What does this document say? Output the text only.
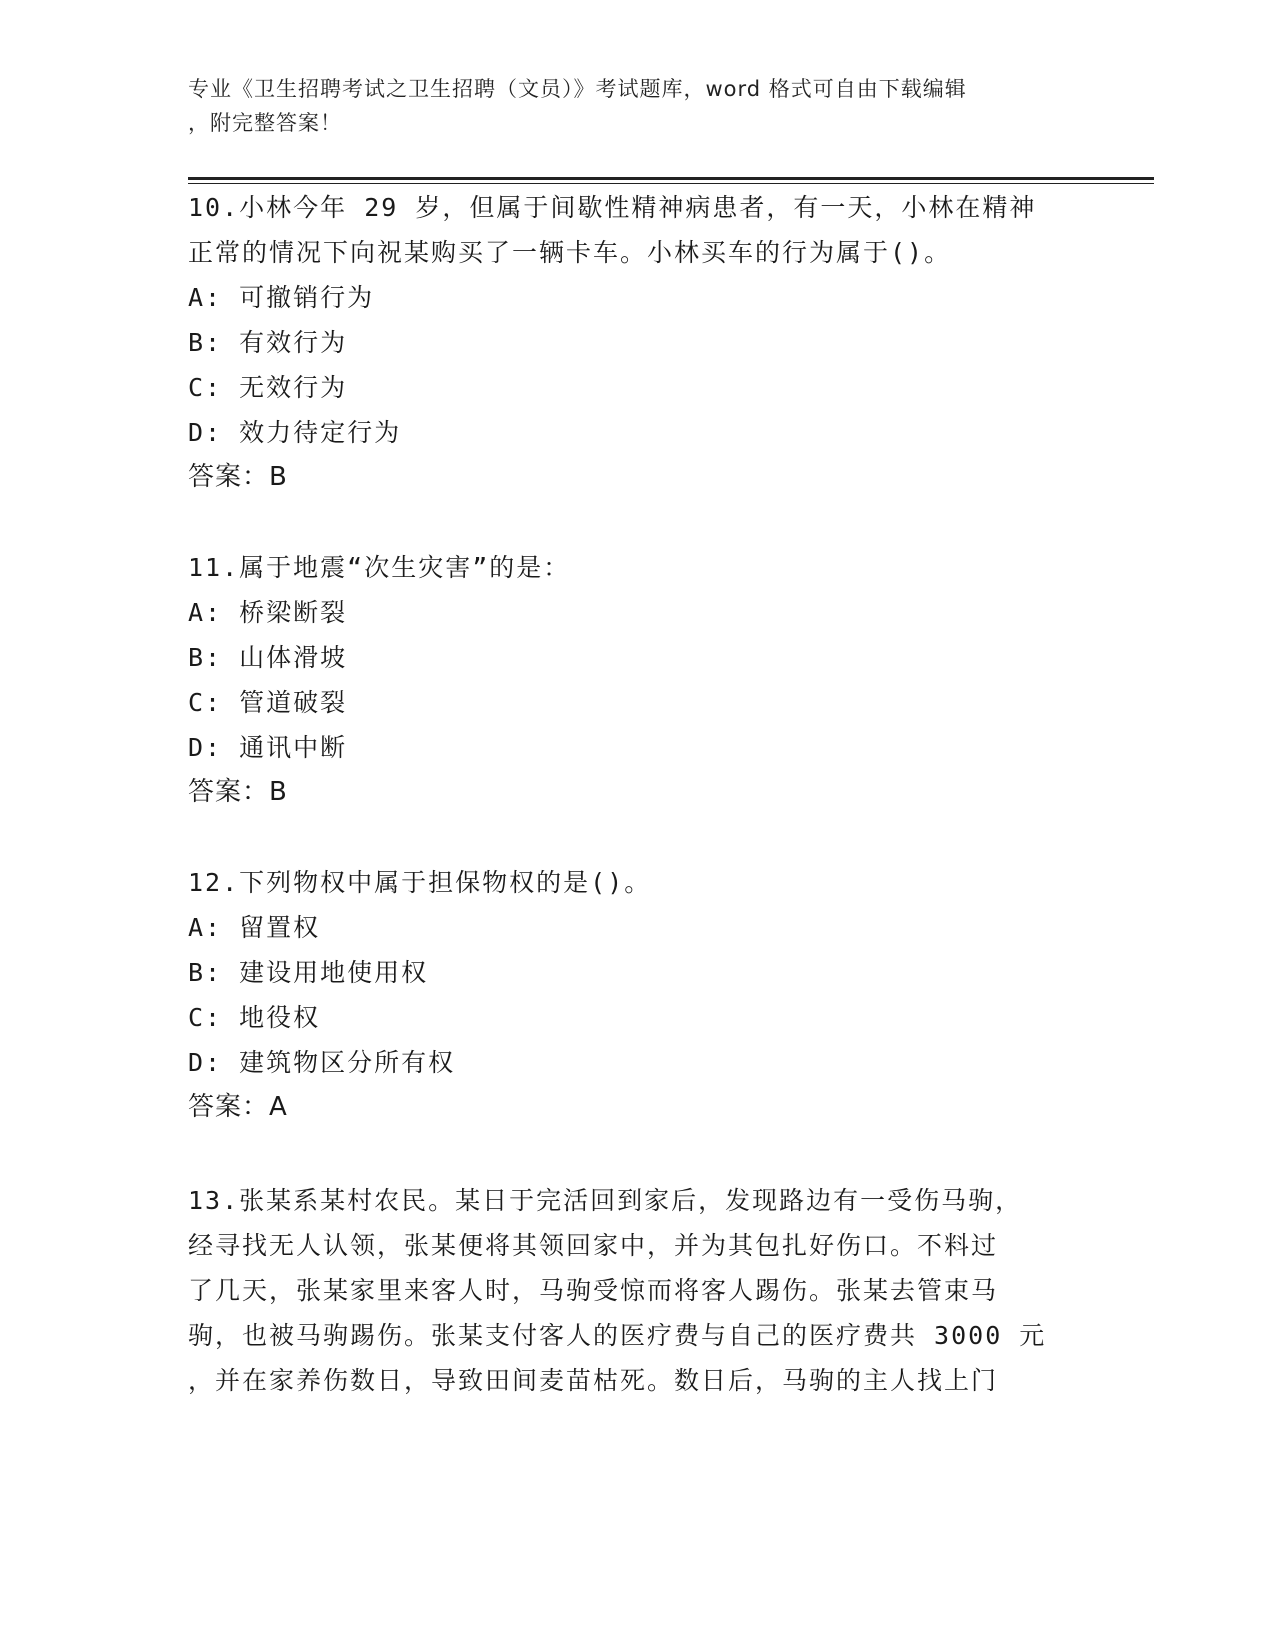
专业《卫生招聘考试之卫生招聘（文员）》考试题库，word 格式可自由下载编辑
，附完整答案！
10.小林今年 29 岁，但属于间歇性精神病患者，有一天，小林在精神
正常的情况下向祝某购买了一辆卡车。小林买车的行为属于()。
A: 可撤销行为
B: 有效行为
C: 无效行为
D: 效力待定行为
答案：B
11.属于地震“次生灾害”的是：
A: 桥梁断裂
B: 山体滑坡
C: 管道破裂
D: 通讯中断
答案：B
12.下列物权中属于担保物权的是()。
A: 留置权
B: 建设用地使用权
C: 地役权
D: 建筑物区分所有权
答案：A
13.张某系某村农民。某日于完活回到家后，发现路边有一受伤马驹，
经寻找无人认领，张某便将其领回家中，并为其包扎好伤口。不料过
了几天，张某家里来客人时，马驹受惊而将客人踢伤。张某去管束马
驹，也被马驹踢伤。张某支付客人的医疗费与自己的医疗费共 3000 元
，并在家养伤数日，导致田间麦苗枯死。数日后，马驹的主人找上门
